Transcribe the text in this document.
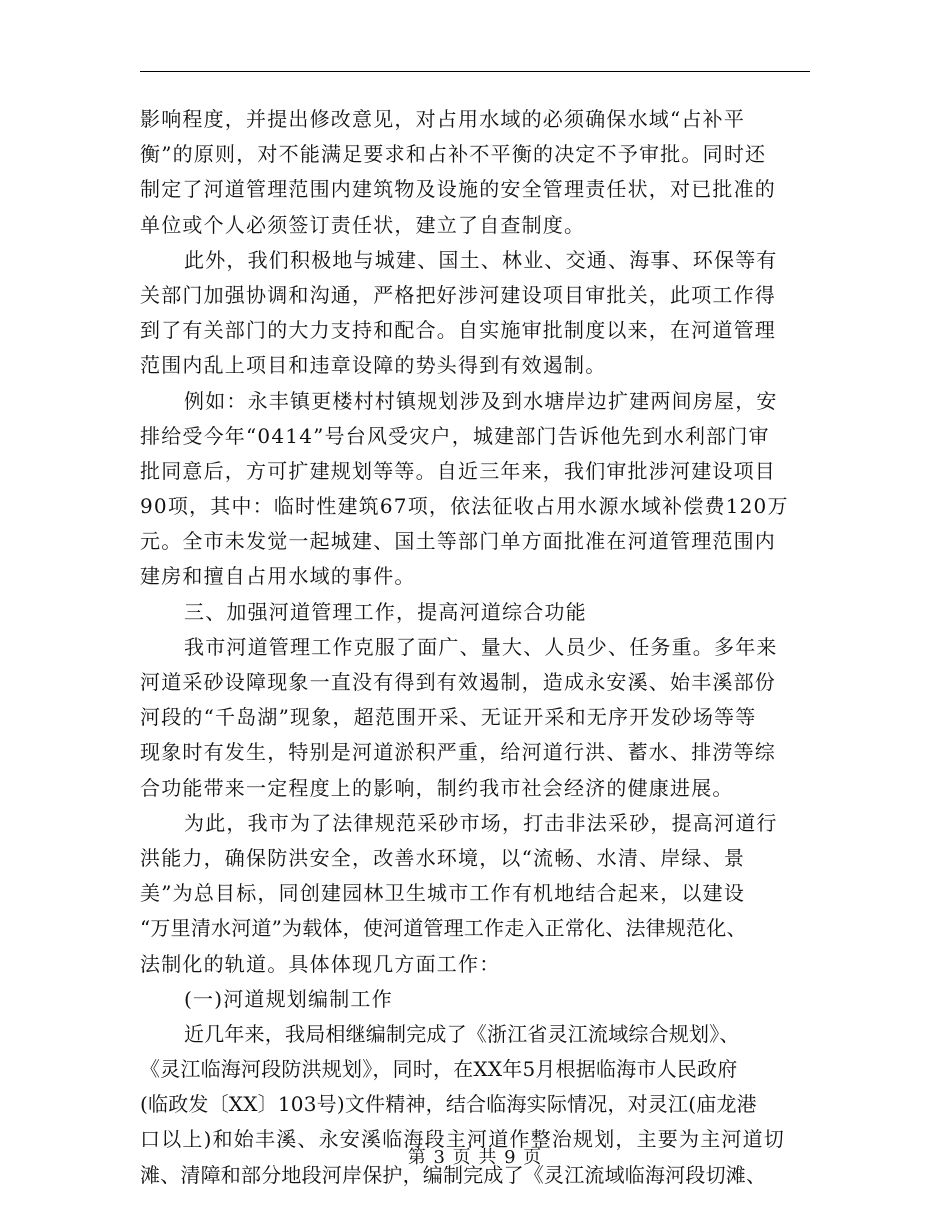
影响程度，并提出修改意见，对占用水域的必须确保水域“占补平
衡”的原则，对不能满足要求和占补不平衡的决定不予审批。同时还
制定了河道管理范围内建筑物及设施的安全管理责任状，对已批准的
单位或个人必须签订责任状，建立了自查制度。
此外，我们积极地与城建、国土、林业、交通、海事、环保等有
关部门加强协调和沟通，严格把好涉河建设项目审批关，此项工作得
到了有关部门的大力支持和配合。自实施审批制度以来，在河道管理
范围内乱上项目和违章设障的势头得到有效遏制。
例如：永丰镇更楼村村镇规划涉及到水塘岸边扩建两间房屋，安
排给受今年“0414”号台风受灾户，城建部门告诉他先到水利部门审
批同意后，方可扩建规划等等。自近三年来，我们审批涉河建设项目
90项，其中：临时性建筑67项，依法征收占用水源水域补偿费120万
元。全市未发觉一起城建、国土等部门单方面批准在河道管理范围内
建房和擅自占用水域的事件。
三、加强河道管理工作，提高河道综合功能
我市河道管理工作克服了面广、量大、人员少、任务重。多年来
河道采砂设障现象一直没有得到有效遏制，造成永安溪、始丰溪部份
河段的“千岛湖”现象，超范围开采、无证开采和无序开发砂场等等
现象时有发生，特别是河道淤积严重，给河道行洪、蓄水、排涝等综
合功能带来一定程度上的影响，制约我市社会经济的健康进展。
为此，我市为了法律规范采砂市场，打击非法采砂，提高河道行
洪能力，确保防洪安全，改善水环境，以“流畅、水清、岸绿、景
美”为总目标，同创建园林卫生城市工作有机地结合起来，以建设
“万里清水河道”为载体，使河道管理工作走入正常化、法律规范化、
法制化的轨道。具体体现几方面工作：
(一)河道规划编制工作
近几年来，我局相继编制完成了《浙江省灵江流域综合规划》、
《灵江临海河段防洪规划》，同时，在XX年5月根据临海市人民政府
(临政发〔XX〕103号)文件精神，结合临海实际情况，对灵江(庙龙港
口以上)和始丰溪、永安溪临海段主河道作整治规划，主要为主河道切
滩、清障和部分地段河岸保护，编制完成了《灵江流域临海河段切滩、
第 3 页 共 9 页
